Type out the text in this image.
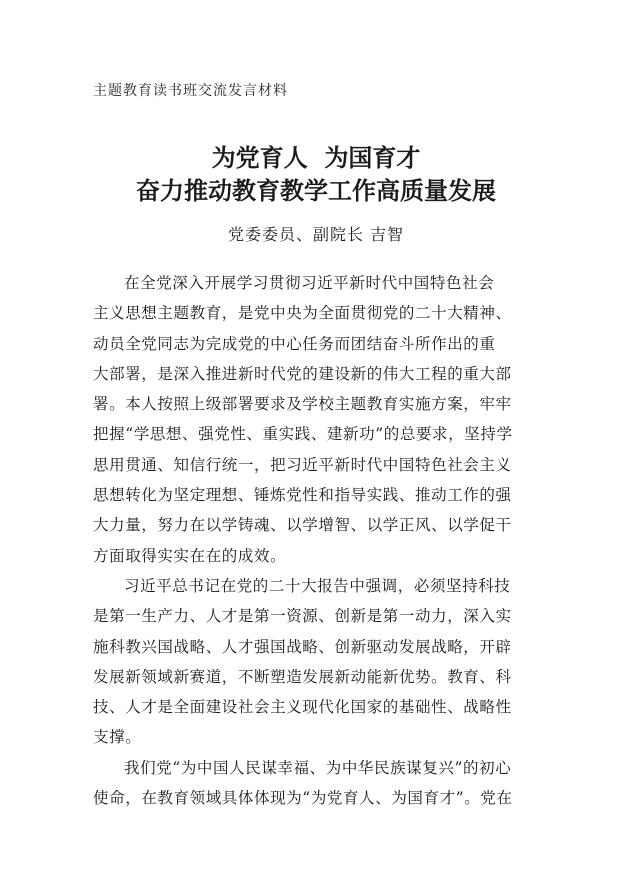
主题教育读书班交流发言材料
为党育人  为国育才
奋力推动教育教学工作高质量发展
党委委员、副院长 吉智
在全党深入开展学习贯彻习近平新时代中国特色社会
主义思想主题教育，是党中央为全面贯彻党的二十大精神、
动员全党同志为完成党的中心任务而团结奋斗所作出的重
大部署，是深入推进新时代党的建设新的伟大工程的重大部
署。本人按照上级部署要求及学校主题教育实施方案，牢牢
把握“学思想、强党性、重实践、建新功”的总要求，坚持学
思用贯通、知信行统一，把习近平新时代中国特色社会主义
思想转化为坚定理想、锤炼党性和指导实践、推动工作的强
大力量，努力在以学铸魂、以学增智、以学正风、以学促干
方面取得实实在在的成效。
习近平总书记在党的二十大报告中强调，必须坚持科技
是第一生产力、人才是第一资源、创新是第一动力，深入实
施科教兴国战略、人才强国战略、创新驱动发展战略，开辟
发展新领域新赛道，不断塑造发展新动能新优势。教育、科
技、人才是全面建设社会主义现代化国家的基础性、战略性
支撑。
我们党“为中国人民谋幸福、为中华民族谋复兴”的初心
使命，在教育领域具体体现为“为党育人、为国育才”。党在
